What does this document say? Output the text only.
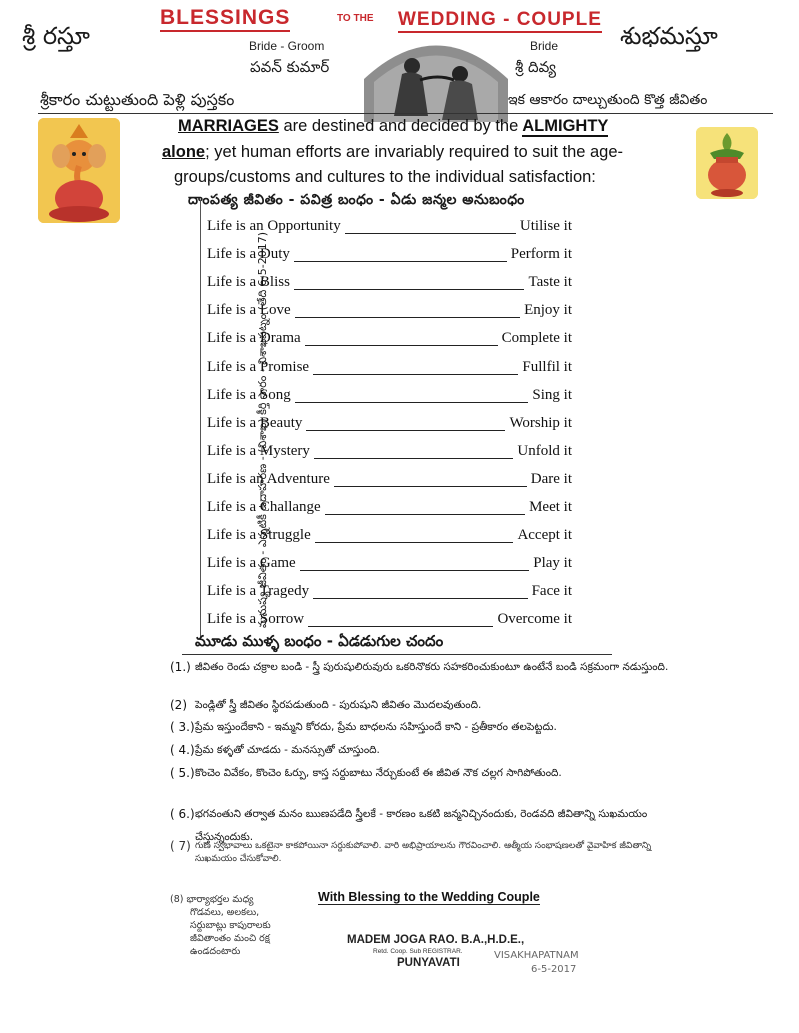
BLESSINGS	TO THE WEDDING - COUPLE
శ్రీ రస్తూ	శుభమస్తూ
Bride - Groom	Bride
పవన్ కుమార్	శ్రీ దివ్య
శ్రీకారం చుట్టుతుంది పెళ్లి పుస్తకం	ఇక ఆకారం దాల్చుతుంది కొత్త జీవితం
MARRIAGES are destined and decided by the ALMIGHTY
alone; yet human efforts are invariably required to suit the age-
groups/customs and cultures to the individual satisfaction:
దాంపత్య జీవితం - పవిత్ర బంధం - ఏడు జన్మల అనుబంధం
మనుష్య జీవితం - ఎన్నటికీ ఉదాహరణ - (విశాఖ) కీర్తి సారం - విశాఖపట్నం (తేది 6-5-2017)
Life is an Opportunity	Utilise it
Life is a Duty	Perform it
Life is a Bliss	Taste it
Life is a Love	Enjoy it
Life is a Drama	Complete it
Life is a Promise	Fullfil it
Life is a Song	Sing it
Life is a Beauty	Worship it
Life is a Mystery	Unfold it
Life is an Adventure	Dare it
Life is a Challange	Meet it
Life is a Struggle	Accept it
Life is a Game	Play it
Life is a Tragedy	Face it
Life is a Sorrow	Overcome it
మూడు ముళ్ళ బంధం - ఏడడుగుల చందం
(1.) జీవితం రెండు చక్రాల బండి - స్త్రీ పురుషులిరువురు ఒకరినొకరు సహకరించుకుంటూ ఉంటేనే బండి సక్రమంగా నడుస్తుంది.
(2) పెండ్లితో స్త్రీ జీవితం స్థిరపడుతుంది - పురుషుని జీవితం మొదలవుతుంది.
( 3.) ప్రేమ ఇస్తుందేకాని - ఇమ్మని కోరదు, ప్రేమ బాధలను సహిస్తుందే కాని - ప్రతీకారం తలపెట్టదు.
( 4.) ప్రేమ కళ్ళతో చూడదు - మనస్సుతో చూస్తుంది.
( 5.) కొంచెం వివేకం, కొంచెం ఓర్పు, కాస్త సర్దుబాటు నేర్చుకుంటే ఈ జీవిత నౌక చల్లగ సాగిపోతుంది.
( 6.) భగవంతుని తర్వాత మనం ఋణపడేది స్త్రీలకే - కారణం ఒకటి జన్మనిచ్చినందుకు, రెండవది జీవితాన్ని సుఖమయం చేస్తున్నందుకు.
( 7) గుణ స్వభావాలు ఒకటైనా కాకపోయినా సర్దుకుపోవాలి. వారి అభిప్రాయాలను గౌరవించాలి. ఆత్మీయ సంభాషణలతో వైవాహిక జీవితాన్ని సుఖమయం చేసుకోవాలి.
(8) భార్యాభర్తల మధ్య
గొడవలు, అలకలు,
సర్దుబాట్లు కాపురాలకు
జీవితాంతం మంచి రక్ష
ఉండదంటారు
With Blessing to the Wedding Couple
MADEM JOGA RAO. B.A.,H.D.E.,
Retd. Coop. Sub REGISTRAR.
PUNYAVATI
VISAKHAPATNAM
6-5-2017
